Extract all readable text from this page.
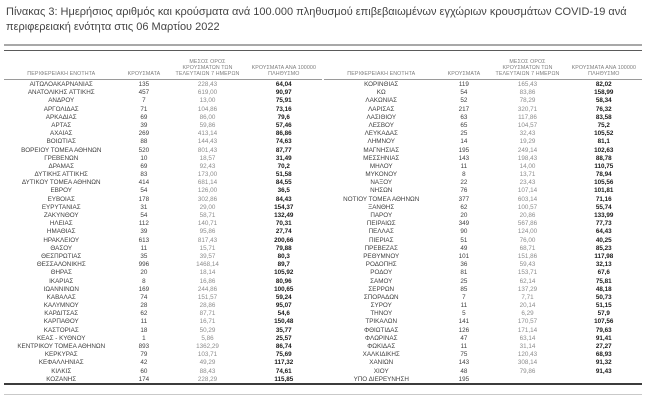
Πίνακας 3: Ημερήσιος αριθμός και κρούσματα ανά 100.000 πληθυσμού επιβεβαιωμένων εγχώριων κρουσμάτων COVID-19 ανά περιφερειακή ενότητα στις 06 Μαρτίου 2022
ΠΕΡΙΦΕΡΕΙΑΚΗ ΕΝΟΤΗΤΑ	ΚΡΟΥΣΜΑΤΑ
ΜΕΣΟΣ ΟΡΟΣ ΚΡΟΥΣΜΑΤΩΝ ΤΩΝ ΤΕΛΕΥΤΑΙΩΝ 7 ΗΜΕΡΩΝ
ΚΡΟΥΣΜΑΤΑ ΑΝΑ 100000 ΠΛΗΘΥΣΜΟ
ΑΙΤΩΛΟΑΚΑΡΝΑΝΙΑΣ	135	228,43	64,04
ΑΝΑΤΟΛΙΚΗΣ ΑΤΤΙΚΗΣ	457	619,00	90,97
ΑΝΔΡΟΥ	7	13,00	75,91
ΑΡΓΟΛΙΔΑΣ	71	104,86	73,16
ΑΡΚΑΔΙΑΣ	69	86,00	79,6
ΑΡΤΑΣ	39	59,86	57,46
ΑΧΑΪΑΣ	269	413,14	86,86
ΒΟΙΩΤΙΑΣ	88	144,43	74,63
ΒΟΡΕΙΟΥ ΤΟΜΕΑ ΑΘΗΝΩΝ	520	801,43	87,77
ΓΡΕΒΕΝΩΝ	10	18,57	31,49
ΔΡΑΜΑΣ	69	92,43	70,2
ΔΥΤΙΚΗΣ ΑΤΤΙΚΗΣ	83	173,00	51,58
ΔΥΤΙΚΟΥ ΤΟΜΕΑ ΑΘΗΝΩΝ	414	681,14	84,55
ΕΒΡΟΥ	54	126,00	36,5
ΕΥΒΟΙΑΣ	178	302,86	84,43
ΕΥΡΥΤΑΝΙΑΣ	31	29,00	154,37
ΖΑΚΥΝΘΟΥ	54	58,71	132,49
ΗΛΕΙΑΣ	112	140,71	70,31
ΗΜΑΘΙΑΣ	39	95,86	27,74
ΗΡΑΚΛΕΙΟΥ	613	817,43	200,66
ΘΑΣΟΥ	11	15,71	79,88
ΘΕΣΠΡΩΤΙΑΣ	35	39,57	80,3
ΘΕΣΣΑΛΟΝΙΚΗΣ	996	1468,14	89,7
ΘΗΡΑΣ	20	18,14	105,92
ΙΚΑΡΙΑΣ	8	16,86	80,96
ΙΩΑΝΝΙΝΩΝ	169	244,86	100,65
ΚΑΒΑΛΑΣ	74	151,57	59,24
ΚΑΛΥΜΝΟΥ	28	28,86	95,07
ΚΑΡΔΙΤΣΑΣ	62	87,71	54,6
ΚΑΡΠΑΘΟΥ	11	16,71	150,48
ΚΑΣΤΟΡΙΑΣ	18	50,29	35,77
ΚΕΑΣ - ΚΥΘΝΟΥ	1	5,86	25,57
ΚΕΝΤΡΙΚΟΥ ΤΟΜΕΑ ΑΘΗΝΩΝ	893	1362,29	86,74
ΚΕΡΚΥΡΑΣ	79	103,71	75,69
ΚΕΦΑΛΛΗΝΙΑΣ	42	49,29	117,32
ΚΙΛΚΙΣ	60	88,43	74,61
ΚΟΖΑΝΗΣ	174	228,29	115,85
ΠΕΡΙΦΕΡΕΙΑΚΗ ΕΝΟΤΗΤΑ	ΚΡΟΥΣΜΑΤΑ
ΜΕΣΟΣ ΟΡΟΣ ΚΡΟΥΣΜΑΤΩΝ ΤΩΝ ΤΕΛΕΥΤΑΙΩΝ 7 ΗΜΕΡΩΝ
ΚΡΟΥΣΜΑΤΑ ΑΝΑ 100000 ΠΛΗΘΥΣΜΟ
ΚΟΡΙΝΘΙΑΣ	119	165,43	82,02
ΚΩ	54	83,86	158,99
ΛΑΚΩΝΙΑΣ	52	78,29	58,34
ΛΑΡΙΣΑΣ	217	320,71	76,32
ΛΑΣΙΘΙΟΥ	63	117,86	83,58
ΛΕΣΒΟΥ	65	104,57	75,2
ΛΕΥΚΑΔΑΣ	25	32,43	105,52
ΛΗΜΝΟΥ	14	19,29	81,1
ΜΑΓΝΗΣΙΑΣ	195	249,14	102,63
ΜΕΣΣΗΝΙΑΣ	143	198,43	88,78
ΜΗΛΟΥ	11	14,00	110,75
ΜΥΚΟΝΟΥ	8	13,71	78,94
ΝΑΞΟΥ	22	23,43	105,56
ΝΗΣΩΝ	76	107,14	101,81
ΝΟΤΙΟΥ ΤΟΜΕΑ ΑΘΗΝΩΝ	377	603,14	71,16
ΞΑΝΘΗΣ	62	100,57	55,74
ΠΑΡΟΥ	20	20,86	133,99
ΠΕΙΡΑΙΩΣ	349	567,86	77,73
ΠΕΛΛΑΣ	90	124,00	64,43
ΠΙΕΡΙΑΣ	51	76,00	40,25
ΠΡΕΒΕΖΑΣ	49	68,71	85,23
ΡΕΘΥΜΝΟΥ	101	151,86	117,98
ΡΟΔΟΠΗΣ	36	59,43	32,13
ΡΟΔΟΥ	81	153,71	67,6
ΣΑΜΟΥ	25	62,14	75,81
ΣΕΡΡΩΝ	85	137,29	48,18
ΣΠΟΡΑΔΩΝ	7	7,71	50,73
ΣΥΡΟΥ	11	20,14	51,15
ΤΗΝΟΥ	5	6,29	57,9
ΤΡΙΚΑΛΩΝ	141	170,57	107,56
ΦΘΙΩΤΙΔΑΣ	126	171,14	79,63
ΦΛΩΡΙΝΑΣ	47	63,14	91,41
ΦΩΚΙΔΑΣ	11	31,14	27,27
ΧΑΛΚΙΔΙΚΗΣ	75	120,43	68,93
ΧΑΝΙΩΝ	143	308,14	91,32
ΧΙΟΥ	48	79,86	91,43
ΥΠΟ ΔΙΕΡΕΥΝΗΣΗ	195
